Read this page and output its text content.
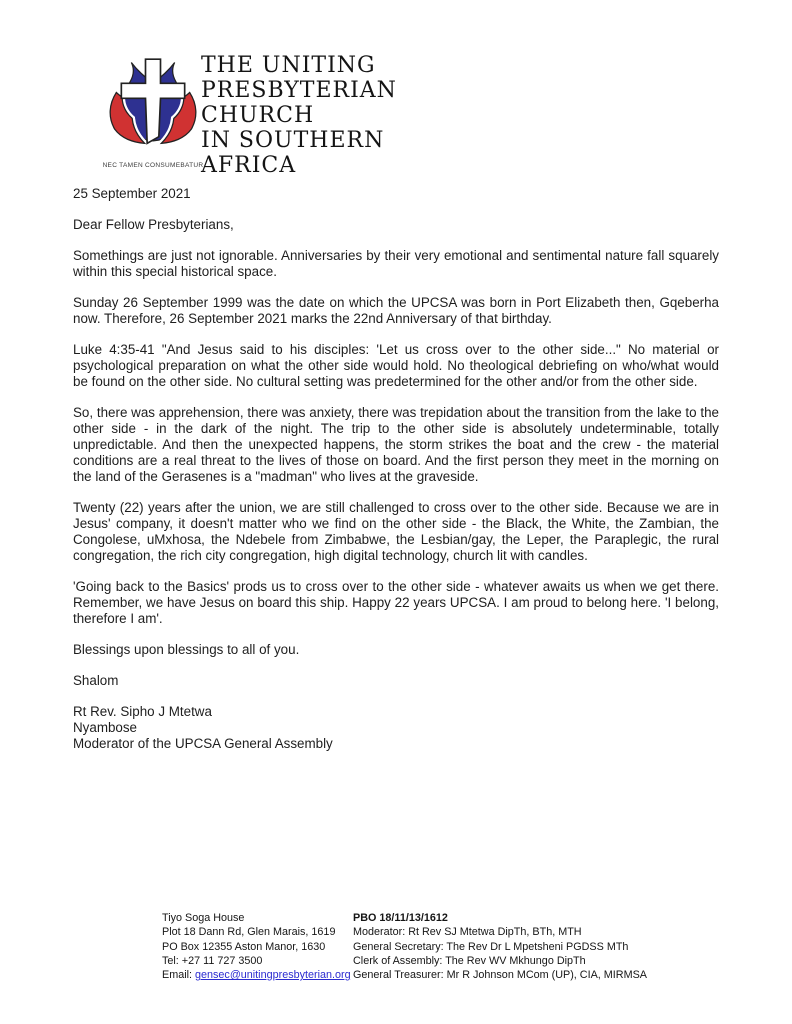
NEC TAMEN CONSUMEBATUR
THE UNITING
PRESBYTERIAN
CHURCH
IN SOUTHERN
AFRICA
25 September 2021
Dear Fellow Presbyterians,

Somethings are just not ignorable. Anniversaries by their very emotional and sentimental nature fall squarely within this special historical space.

Sunday 26 September 1999 was the date on which the UPCSA was born in Port Elizabeth then, Gqeberha now. Therefore, 26 September 2021 marks the 22nd Anniversary of that birthday.

Luke 4:35-41 "And Jesus said to his disciples: 'Let us cross over to the other side..." No material or psychological preparation on what the other side would hold. No theological debriefing on who/what would be found on the other side. No cultural setting was predetermined for the other and/or from the other side.

So, there was apprehension, there was anxiety, there was trepidation about the transition from the lake to the other side - in the dark of the night. The trip to the other side is absolutely undeterminable, totally unpredictable. And then the unexpected happens, the storm strikes the boat and the crew - the material conditions are a real threat to the lives of those on board. And the first person they meet in the morning on the land of the Gerasenes is a "madman" who lives at the graveside.

Twenty (22) years after the union, we are still challenged to cross over to the other side. Because we are in Jesus' company, it doesn't matter who we find on the other side - the Black, the White, the Zambian, the Congolese, uMxhosa, the Ndebele from Zimbabwe, the Lesbian/gay, the Leper, the Paraplegic, the rural congregation, the rich city congregation, high digital technology, church lit with candles.

'Going back to the Basics' prods us to cross over to the other side - whatever awaits us when we get there. Remember, we have Jesus on board this ship. Happy 22 years UPCSA. I am proud to belong here. 'I belong, therefore I am'.

Blessings upon blessings to all of you.
Shalom
Rt Rev. Sipho J Mtetwa
Nyambose
Moderator of the UPCSA General Assembly
Tiyo Soga House
Plot 18 Dann Rd, Glen Marais, 1619
PO Box 12355 Aston Manor, 1630
Tel: +27 11 727 3500
Email: gensec@unitingpresbyterian.org
PBO 18/11/13/1612
Moderator: Rt Rev SJ Mtetwa DipTh, BTh, MTH
General Secretary: The Rev Dr L Mpetsheni PGDSS MTh
Clerk of Assembly: The Rev WV Mkhungo DipTh
General Treasurer: Mr R Johnson MCom (UP), CIA, MIRMSA
